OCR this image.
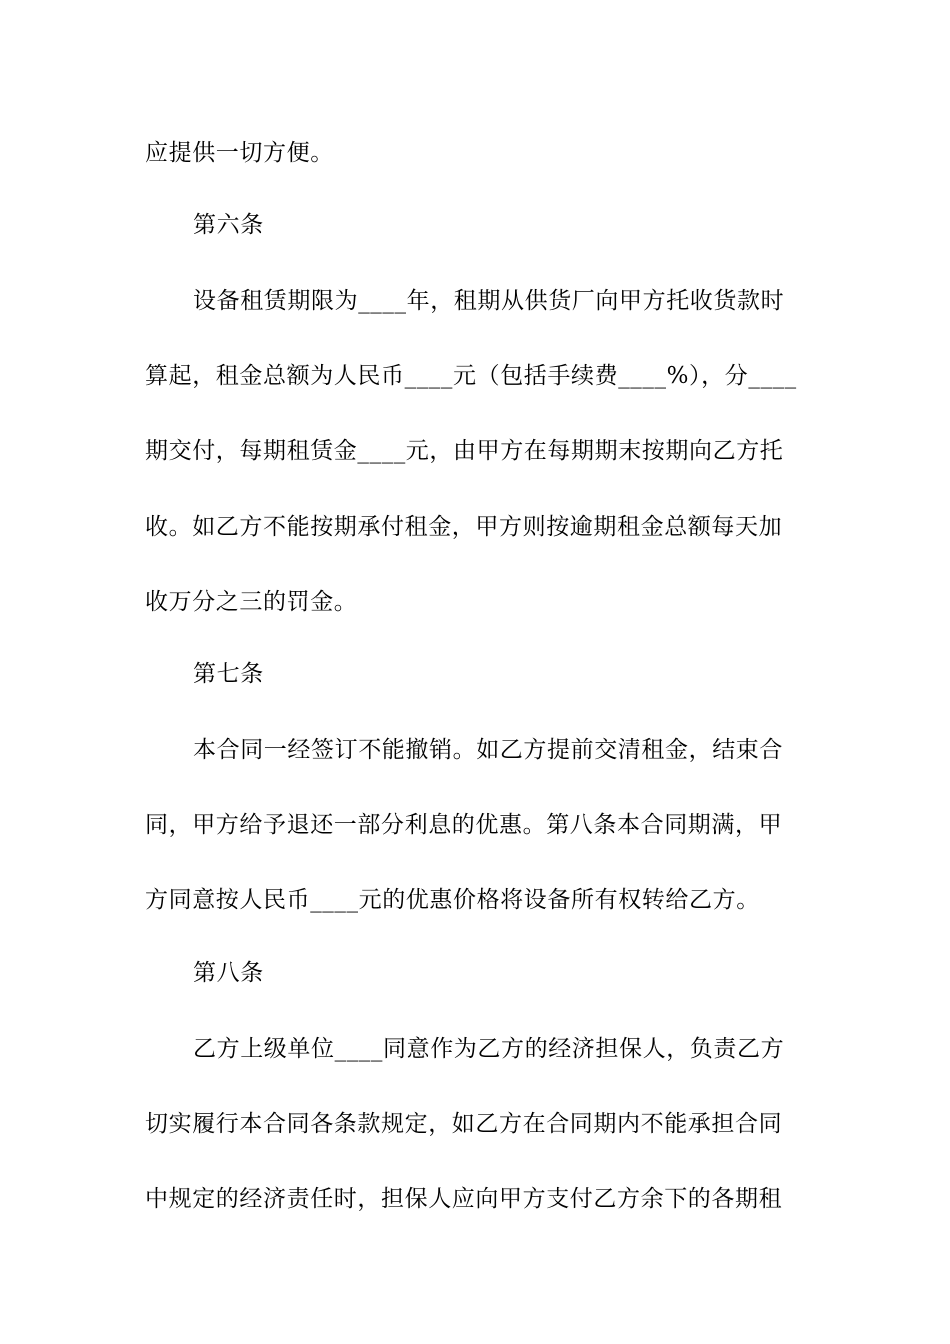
应提供一切方便。
第六条
设备租赁期限为____年，租期从供货厂向甲方托收货款时
算起，租金总额为人民币____元（包括手续费____%），分____
期交付，每期租赁金____元，由甲方在每期期末按期向乙方托
收。如乙方不能按期承付租金，甲方则按逾期租金总额每天加
收万分之三的罚金。
第七条
本合同一经签订不能撤销。如乙方提前交清租金，结束合
同，甲方给予退还一部分利息的优惠。第八条本合同期满，甲
方同意按人民币____元的优惠价格将设备所有权转给乙方。
第八条
乙方上级单位____同意作为乙方的经济担保人，负责乙方
切实履行本合同各条款规定，如乙方在合同期内不能承担合同
中规定的经济责任时，担保人应向甲方支付乙方余下的各期租
